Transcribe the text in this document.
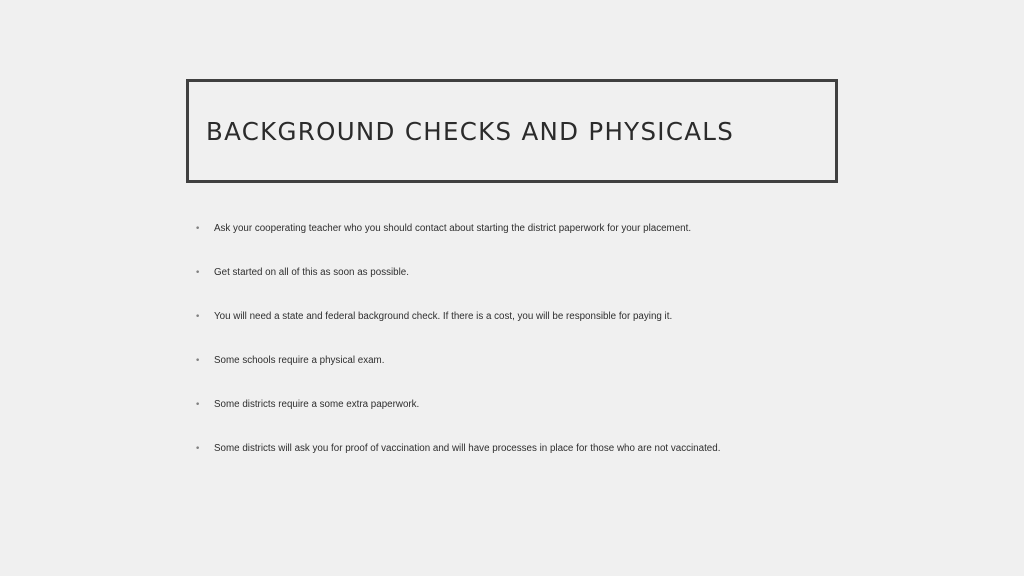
BACKGROUND CHECKS AND PHYSICALS
•	Ask your cooperating teacher who you should contact about starting the district paperwork for your placement.
•	Get started on all of this as soon as possible.
•	You will need a state and federal background check. If there is a cost, you will be responsible for paying it.
•	Some schools require a physical exam.
•	Some districts require a some extra paperwork.
•	Some districts will ask you for proof of vaccination and will have processes in place for those who are not vaccinated.
